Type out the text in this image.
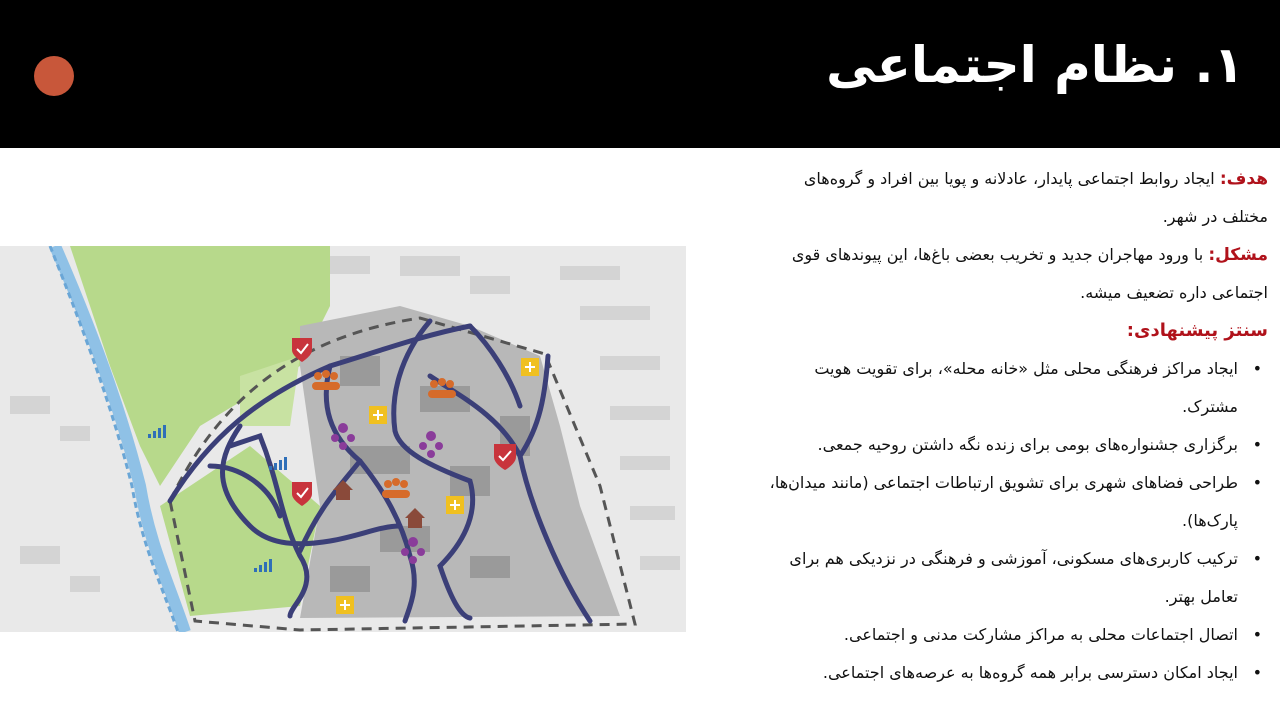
۱. نظام اجتماعی
هدف: ایجاد روابط اجتماعی پایدار، عادلانه و پویا بین افراد و گروه‌های
مختلف در شهر.
مشکل: با ورود مهاجران جدید و تخریب بعضی باغ‌ها، این پیوندهای قوی
اجتماعی داره تضعیف میشه.
سنتز پیشنهادی:
• ایجاد مراکز فرهنگی محلی مثل «خانه محله»، برای تقویت هویت
مشترک.
• برگزاری جشنواره‌های بومی برای زنده نگه داشتن روحیه جمعی.
• طراحی فضاهای شهری برای تشویق ارتباطات اجتماعی (مانند میدان‌ها،
پارک‌ها).
• ترکیب کاربری‌های مسکونی، آموزشی و فرهنگی در نزدیکی هم برای
تعامل بهتر.
• اتصال اجتماعات محلی به مراکز مشارکت مدنی و اجتماعی.
• ایجاد امکان دسترسی برابر همه گروه‌ها به عرصه‌های اجتماعی.
